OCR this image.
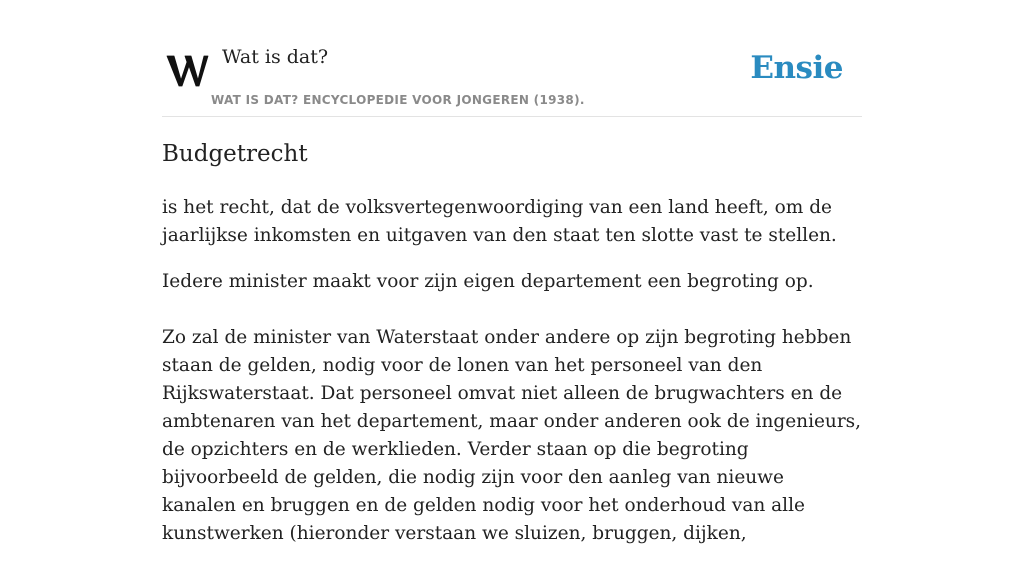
Wat is dat?
WAT IS DAT? ENCYCLOPEDIE VOOR JONGEREN (1938).
Ensie
Budgetrecht

is het recht, dat de volksvertegenwoordiging van een land heeft, om de jaarlijkse inkomsten en uitgaven van den staat ten slotte vast te stellen.

Iedere minister maakt voor zijn eigen departement een begroting op.

Zo zal de minister van Waterstaat onder andere op zijn begroting hebben staan de gelden, nodig voor de lonen van het personeel van den Rijkswaterstaat. Dat personeel omvat niet alleen de brugwachters en de ambtenaren van het departement, maar onder anderen ook de ingenieurs, de opzichters en de werklieden. Verder staan op die begroting bijvoorbeeld de gelden, die nodig zijn voor den aanleg van nieuwe kanalen en bruggen en de gelden nodig voor het onderhoud van alle kunstwerken (hieronder verstaan we sluizen, bruggen, dijken,
